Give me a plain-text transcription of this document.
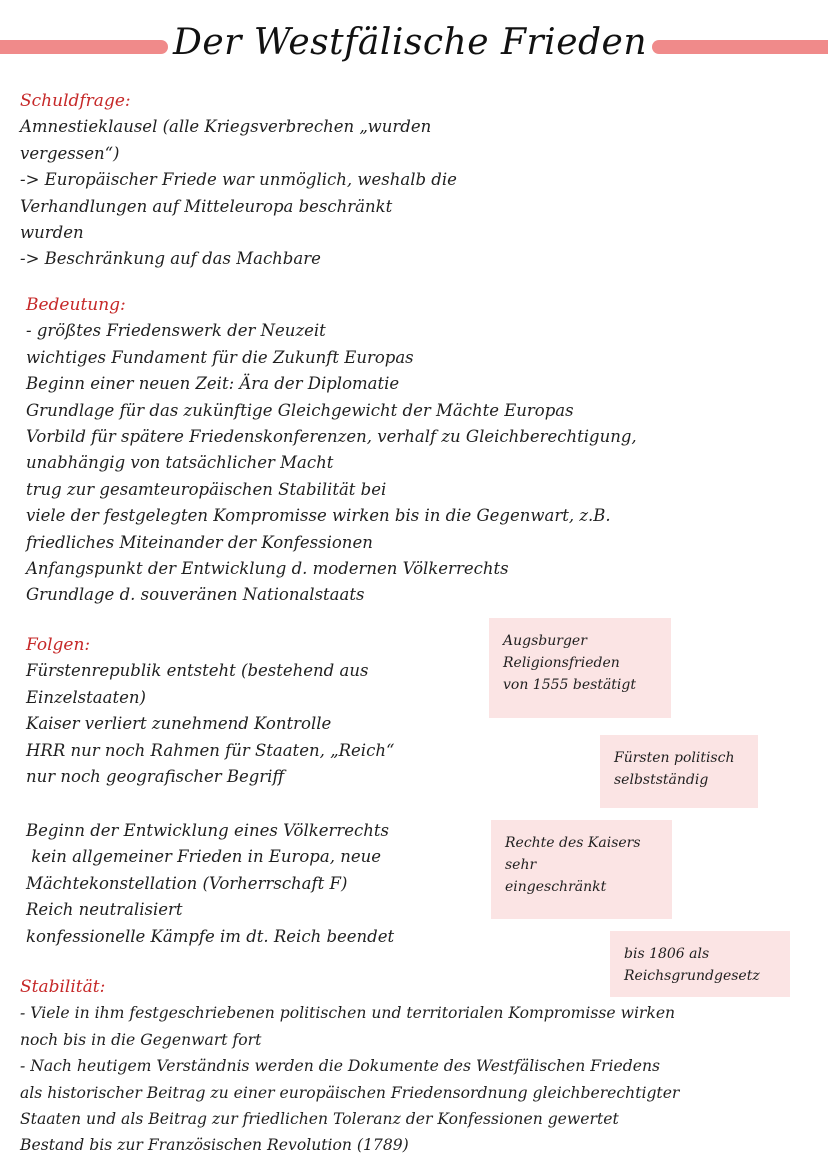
Der Westfälische Frieden
Schuldfrage:
Amnestieklausel (alle Kriegsverbrechen „wurden
vergessen“)
-> Europäischer Friede war unmöglich, weshalb die
Verhandlungen auf Mitteleuropa beschränkt
wurden
-> Beschränkung auf das Machbare
Bedeutung:
- größtes Friedenswerk der Neuzeit
wichtiges Fundament für die Zukunft Europas
Beginn einer neuen Zeit: Ära der Diplomatie
Grundlage für das zukünftige Gleichgewicht der Mächte Europas
Vorbild für spätere Friedenskonferenzen, verhalf zu Gleichberechtigung,
unabhängig von tatsächlicher Macht
trug zur gesamteuropäischen Stabilität bei
viele der festgelegten Kompromisse wirken bis in die Gegenwart, z.B.
friedliches Miteinander der Konfessionen
Anfangspunkt der Entwicklung d. modernen Völkerrechts
Grundlage d. souveränen Nationalstaats
Folgen:
Fürstenrepublik entsteht (bestehend aus
Einzelstaaten)
Kaiser verliert zunehmend Kontrolle
HRR nur noch Rahmen für Staaten, „Reich“
nur noch geografischer Begriff
Beginn der Entwicklung eines Völkerrechts
kein allgemeiner Frieden in Europa, neue
Mächtekonstellation (Vorherrschaft F)
Reich neutralisiert
konfessionelle Kämpfe im dt. Reich beendet
Augsburger
Religionsfrieden
von 1555 bestätigt
Fürsten politisch
selbstständig
Rechte des Kaisers
sehr
eingeschränkt
bis 1806 als
Reichsgrundgesetz
Stabilität:
- Viele in ihm festgeschriebenen politischen und territorialen Kompromisse wirken
noch bis in die Gegenwart fort
- Nach heutigem Verständnis werden die Dokumente des Westfälischen Friedens
als historischer Beitrag zu einer europäischen Friedensordnung gleichberechtigter
Staaten und als Beitrag zur friedlichen Toleranz der Konfessionen gewertet
Bestand bis zur Französischen Revolution (1789)
